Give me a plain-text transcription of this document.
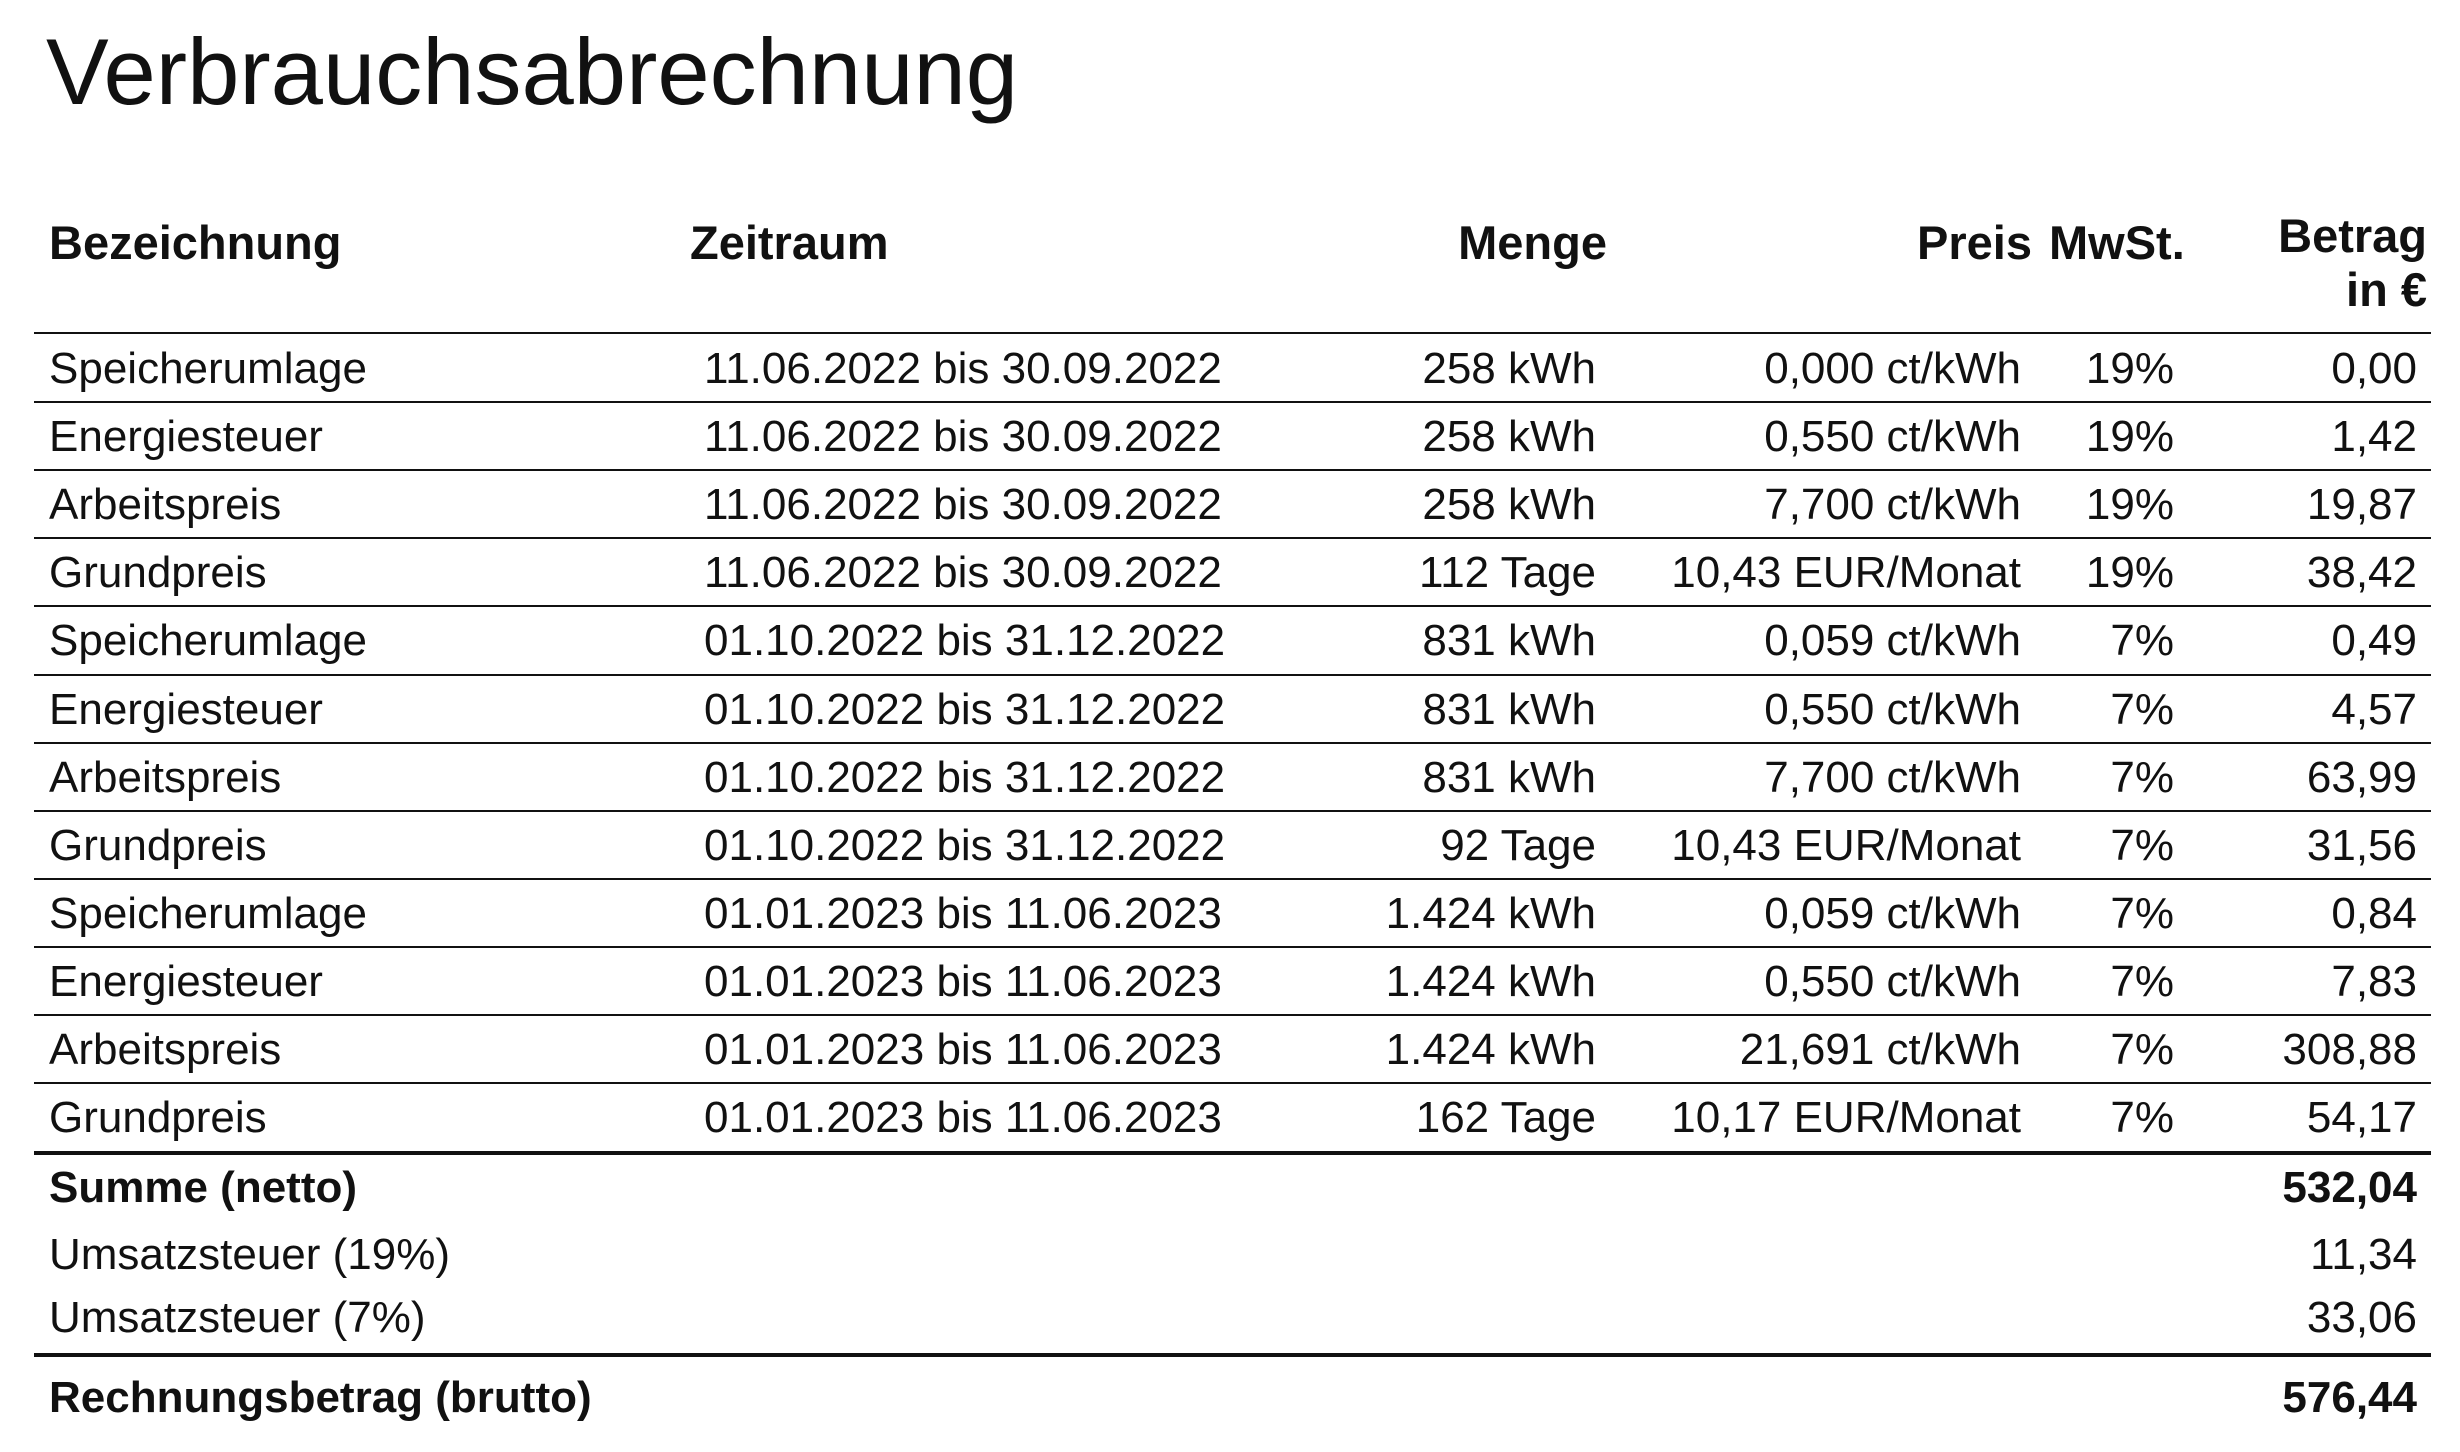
Verbrauchsabrechnung
Bezeichnung	Zeitraum	Menge	Preis MwSt. Betrag
in €
Speicherumlage	11.06.2022 bis 30.09.2022	258 kWh	0,000 ct/kWh 19%	0,00
Energiesteuer	11.06.2022 bis 30.09.2022	258 kWh	0,550 ct/kWh 19%	1,42
Arbeitspreis	11.06.2022 bis 30.09.2022	258 kWh	7,700 ct/kWh 19%	19,87
Grundpreis	11.06.2022 bis 30.09.2022	112 Tage 10,43 EUR/Monat 19%	38,42
Speicherumlage	01.10.2022 bis 31.12.2022	831 kWh	0,059 ct/kWh 7%	0,49
Energiesteuer	01.10.2022 bis 31.12.2022	831 kWh	0,550 ct/kWh 7%	4,57
Arbeitspreis	01.10.2022 bis 31.12.2022	831 kWh	7,700 ct/kWh 7%	63,99
Grundpreis	01.10.2022 bis 31.12.2022	92 Tage 10,43 EUR/Monat 7%	31,56
Speicherumlage	01.01.2023 bis 11.06.2023	1.424 kWh	0,059 ct/kWh 7%	0,84
Energiesteuer	01.01.2023 bis 11.06.2023	1.424 kWh	0,550 ct/kWh 7%	7,83
Arbeitspreis	01.01.2023 bis 11.06.2023	1.424 kWh	21,691 ct/kWh 7% 308,88
Grundpreis	01.01.2023 bis 11.06.2023	162 Tage 10,17 EUR/Monat 7%	54,17
Summe (netto)	532,04
Umsatzsteuer (19%)	11,34
Umsatzsteuer (7%)	33,06
Rechnungsbetrag (brutto)	576,44
